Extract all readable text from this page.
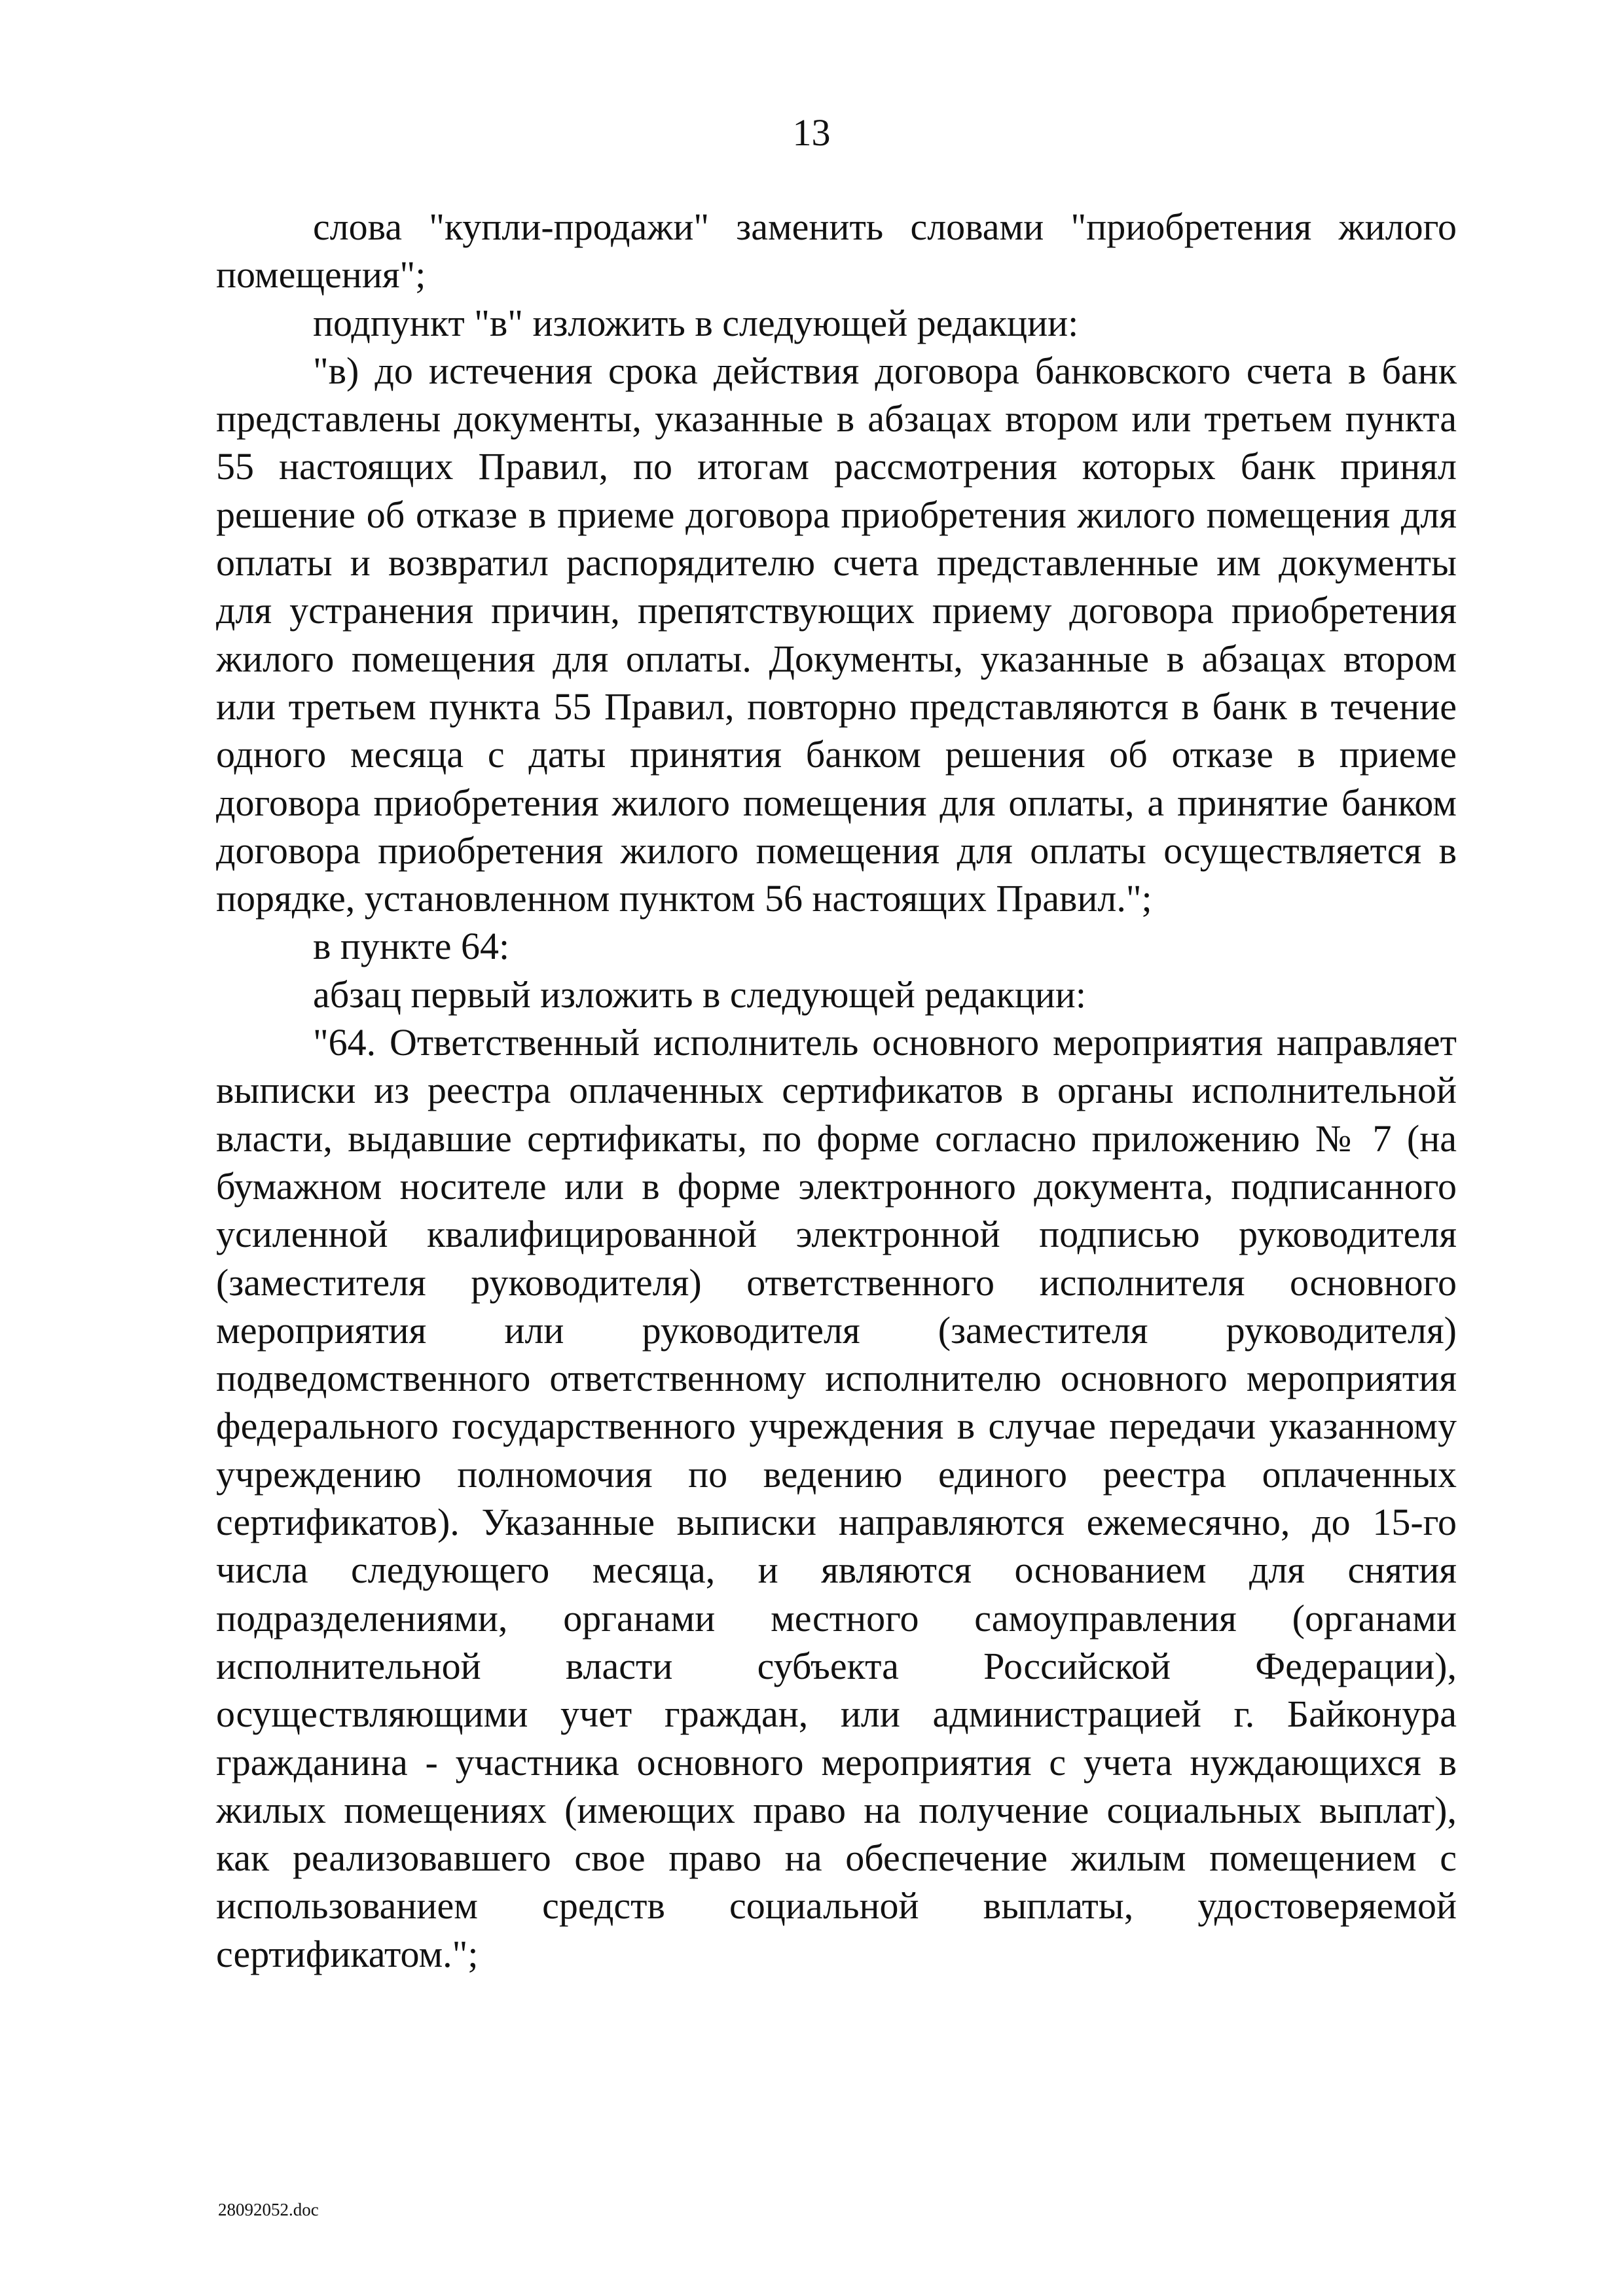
13

слова "купли-продажи" заменить словами "приобретения жилого помещения";

подпункт "в" изложить в следующей редакции:

"в) до истечения срока действия договора банковского счета в банк представлены документы, указанные в абзацах втором или третьем пункта 55 настоящих Правил, по итогам рассмотрения которых банк принял решение об отказе в приеме договора приобретения жилого помещения для оплаты и возвратил распорядителю счета представленные им документы для устранения причин, препятствующих приему договора приобретения жилого помещения для оплаты. Документы, указанные в абзацах втором или третьем пункта 55 Правил, повторно представляются в банк в течение одного месяца с даты принятия банком решения об отказе в приеме договора приобретения жилого помещения для оплаты, а принятие банком договора приобретения жилого помещения для оплаты осуществляется в порядке, установленном пунктом 56 настоящих Правил.";

в пункте 64:

абзац первый изложить в следующей редакции:

"64. Ответственный исполнитель основного мероприятия направляет выписки из реестра оплаченных сертификатов в органы исполнительной власти, выдавшие сертификаты, по форме согласно приложению № 7 (на бумажном носителе или в форме электронного документа, подписанного усиленной квалифицированной электронной подписью руководителя (заместителя руководителя) ответственного исполнителя основного мероприятия или руководителя (заместителя руководителя) подведомственного ответственному исполнителю основного мероприятия федерального государственного учреждения в случае передачи указанному учреждению полномочия по ведению единого реестра оплаченных сертификатов). Указанные выписки направляются ежемесячно, до 15-го числа следующего месяца, и являются основанием для снятия подразделениями, органами местного самоуправления (органами исполнительной власти субъекта Российской Федерации), осуществляющими учет граждан, или администрацией г. Байконура гражданина - участника основного мероприятия с учета нуждающихся в жилых помещениях (имеющих право на получение социальных выплат), как реализовавшего свое право на обеспечение жилым помещением с использованием средств социальной выплаты, удостоверяемой сертификатом.";

28092052.doc
